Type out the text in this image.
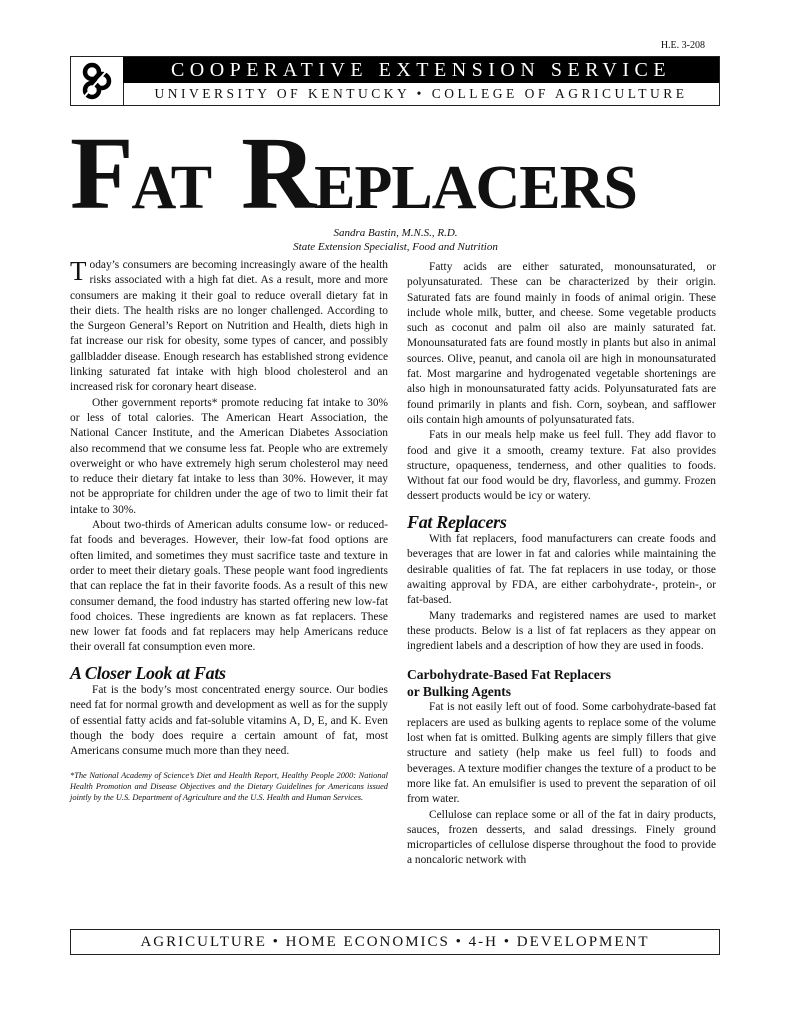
H.E. 3-208
COOPERATIVE EXTENSION SERVICE
UNIVERSITY OF KENTUCKY • COLLEGE OF AGRICULTURE
FAT REPLACERS
Sandra Bastin, M.N.S., R.D.
State Extension Specialist, Food and Nutrition

Today’s consumers are becoming increasingly aware of the health risks associated with a high fat diet. As a result, more and more consumers are making it their goal to reduce overall dietary fat in their diets. The health risks are no longer challenged. According to the Surgeon General’s Report on Nutrition and Health, diets high in fat increase our risk for obesity, some types of cancer, and possibly gallbladder disease. Enough research has established strong evidence linking saturated fat intake with high blood cholesterol and an increased risk for coronary heart disease.

Other government reports* promote reducing fat intake to 30% or less of total calories. The American Heart Association, the National Cancer Institute, and the American Diabetes Association also recommend that we consume less fat. People who are extremely overweight or who have extremely high serum cholesterol may need to reduce their dietary fat intake to less than 30%. However, it may not be appropriate for children under the age of two to limit their fat intake to 30%.

About two-thirds of American adults consume low- or reduced-fat foods and beverages. However, their low-fat food options are often limited, and sometimes they must sacrifice taste and texture in order to meet their dietary goals. These people want food ingredients that can replace the fat in their favorite foods. As a result of this new consumer demand, the food industry has started offering new low-fat food choices. These ingredients are known as fat replacers. These new lower fat foods and fat replacers may help Americans reduce their overall fat consumption even more.

A Closer Look at Fats

Fat is the body’s most concentrated energy source. Our bodies need fat for normal growth and development as well as for the supply of essential fatty acids and fat-soluble vitamins A, D, E, and K. Even though the body does require a certain amount of fat, most Americans consume much more than they need.

*The National Academy of Science’s Diet and Health Report, Healthy People 2000: National Health Promotion and Disease Objectives and the Dietary Guidelines for Americans issued jointly by the U.S. Department of Agriculture and the U.S. Health and Human Services.

Fatty acids are either saturated, monounsaturated, or polyunsaturated. These can be characterized by their origin. Saturated fats are found mainly in foods of animal origin. These include whole milk, butter, and cheese. Some vegetable products such as coconut and palm oil also are mainly saturated fat. Monounsaturated fats are found mostly in plants but also in animal sources. Olive, peanut, and canola oil are high in monounsaturated fat. Most margarine and hydrogenated vegetable shortenings are also high in monounsaturated fatty acids. Polyunsaturated fats are found primarily in plants and fish. Corn, soybean, and safflower oils contain high amounts of polyunsaturated fats.

Fats in our meals help make us feel full. They add flavor to food and give it a smooth, creamy texture. Fat also provides structure, opaqueness, tenderness, and other qualities to foods. Without fat our food would be dry, flavorless, and gummy. Frozen dessert products would be icy or watery.

Fat Replacers

With fat replacers, food manufacturers can create foods and beverages that are lower in fat and calories while maintaining the desirable qualities of fat. The fat replacers in use today, or those awaiting approval by FDA, are either carbohydrate-, protein-, or fat-based.

Many trademarks and registered names are used to market these products. Below is a list of fat replacers as they appear on ingredient labels and a description of how they are used in foods.

Carbohydrate-Based Fat Replacers
or Bulking Agents

Fat is not easily left out of food. Some carbohydrate-based fat replacers are used as bulking agents to replace some of the volume lost when fat is omitted. Bulking agents are simply fillers that give structure and satiety (help make us feel full) to foods and beverages. A texture modifier changes the texture of a product to be more like fat. An emulsifier is used to prevent the separation of oil from water.

Cellulose can replace some or all of the fat in dairy products, sauces, frozen desserts, and salad dressings. Finely ground microparticles of cellulose disperse throughout the food to provide a noncaloric network with

AGRICULTURE • HOME ECONOMICS • 4-H • DEVELOPMENT
